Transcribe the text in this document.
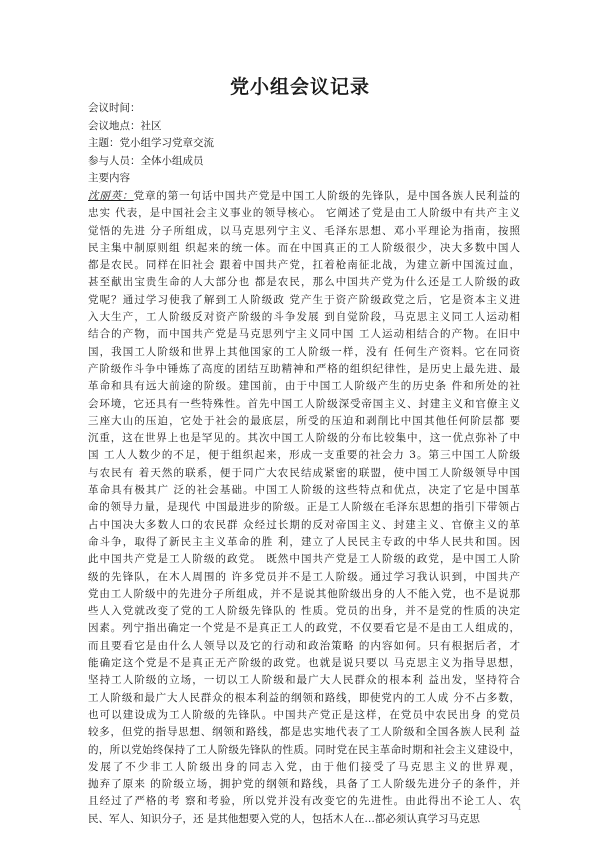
党小组会议记录
会议时间：
会议地点：社区
主题：党小组学习党章交流
参与人员：全体小组成员
主要内容
沈丽英：党章的第一句话中国共产党是中国工人阶级的先锋队，是中国各族人民利益的
忠实 代表，是中国社会主义事业的领导核心。 它阐述了党是由工人阶级中有共产主义
觉悟的先进 分子所组成，以马克思列宁主义、毛泽东思想、邓小平理论为指南，按照
民主集中制原则组 织起来的统一体。而在中国真正的工人阶级很少，决大多数中国人
都是农民。同样在旧社会 跟着中国共产党，扛着枪南征北战，为建立新中国流过血，
甚至献出宝贵生命的人大部分也 都是农民，那么中国共产党为什么还是工人阶级的政
党呢？通过学习使我了解到工人阶级政 党产生于资产阶级政党之后，它是资本主义进
入大生产，工人阶级反对资产阶级的斗争发展 到自觉阶段，马克思主义同工人运动相
结合的产物，而中国共产党是马克思列宁主义同中国 工人运动相结合的产物。在旧中
国，我国工人阶级和世界上其他国家的工人阶级一样，没有 任何生产资料。它在同资
产阶级作斗争中锤炼了高度的团结互助精神和严格的组织纪律性，是历史上最先进、最
革命和具有远大前途的阶级。建国前，由于中国工人阶级产生的历史条 件和所处的社
会环境，它还具有一些特殊性。首先中国工人阶级深受帝国主义、封建主义和官僚主义
三座大山的压迫，它处于社会的最底层，所受的压迫和剥削比中国其他任何阶层都 要
沉重，这在世界上也是罕见的。其次中国工人阶级的分布比较集中，这一优点弥补了中
国 工人人数少的不足，便于组织起来，形成一支重要的社会力 3。第三中国工人阶级
与农民有 着天然的联系，便于同广大农民结成紧密的联盟，使中国工人阶级领导中国
革命具有极其广 泛的社会基础。中国工人阶级的这些特点和优点，决定了它是中国革
命的领导力量，是现代 中国最进步的阶级。正是工人阶级在毛泽东思想的指引下带领占
占中国决大多数人口的农民群 众经过长期的反对帝国主义、封建主义、官僚主义的革
命斗争，取得了新民主主义革命的胜 利，建立了人民民主专政的中华人民共和国。因
此中国共产党是工人阶级的政党。 既然中国共产党是工人阶级的政党，是中国工人阶
级的先锋队，在木人周围的 许多党员并不是工人阶级。通过学习我认识到，中国共产
党由工人阶级中的先进分子所组成，并不是说其他阶级出身的人不能入党，也不是说那
些人入党就改变了党的工人阶级先锋队的 性质。党员的出身，并不是党的性质的决定
因素。列宁指出确定一个党是不是真正工人的政党，不仅要看它是不是由工人组成的，
而且要看它是由什么人领导以及它的行动和政治策略 的内容如何。只有根据后者，才
能确定这个党是不是真正无产阶级的政党。也就是说只要以 马克思主义为指导思想，
坚持工人阶级的立场，一切以工人阶级和最广大人民群众的根本利 益出发，坚持符合
工人阶级和最广大人民群众的根本利益的纲领和路线，即使党内的工人成 分不占多数，
也可以建设成为工人阶级的先锋队。中国共产党正是这样，在党员中农民出身 的党员
较多，但党的指导思想、纲领和路线，都是忠实地代表了工人阶级和全国各族人民利 益
的，所以党始终保持了工人阶级先锋队的性质。同时党在民主革命时期和社会主义建设中，
发展了不少非工人阶级出身的同志入党，由于他们接受了马克思主义的世界观，
抛弃了原来 的阶级立场，拥护党的纲领和路线，具备了工人阶级先进分子的条件，并
且经过了严格的考 察和考验，所以党并没有改变它的先进性。由此得出不论工人、农
民、军人、知识分子，还 是其他想要入党的人，包括木人在…都必须认真学习马克思
1
